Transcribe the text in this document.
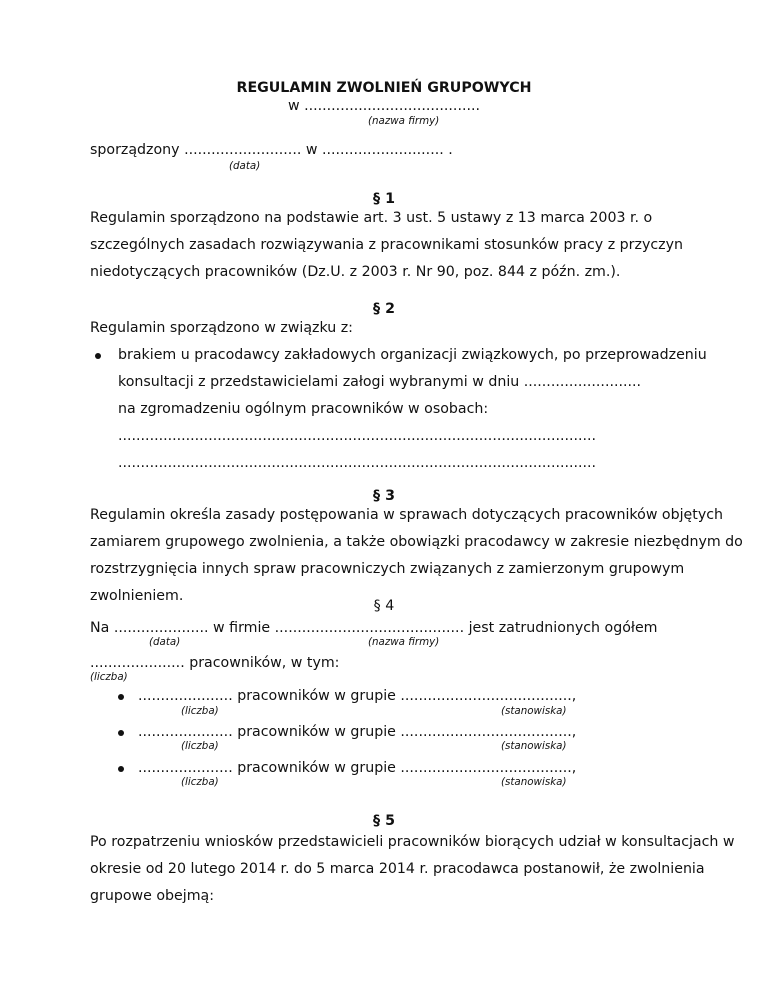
REGULAMIN ZWOLNIEŃ GRUPOWYCH
w .......................................
(nazwa firmy)
sporządzony .......................... w ........................... .
(data)
§ 1
Regulamin sporządzono na podstawie art. 3 ust. 5 ustawy z 13 marca 2003 r. o
szczególnych zasadach rozwiązywania z pracownikami stosunków pracy z przyczyn
niedotyczących pracowników (Dz.U. z 2003 r. Nr 90, poz. 844 z późn. zm.).
§ 2
Regulamin sporządzono w związku z:
brakiem u pracodawcy zakładowych organizacji związkowych, po przeprowadzeniu
konsultacji z przedstawicielami załogi wybranymi w dniu ..........................
na zgromadzeniu ogólnym pracowników w osobach:
..........................................................................................................
..........................................................................................................
§ 3
Regulamin określa zasady postępowania w sprawach dotyczących pracowników objętych
zamiarem grupowego zwolnienia, a także obowiązki pracodawcy w zakresie niezbędnym do
rozstrzygnięcia innych spraw pracowniczych związanych z zamierzonym grupowym
zwolnieniem.
§ 4
Na ..................... w firmie .......................................... jest zatrudnionych ogółem
(data)	(nazwa firmy)
..................... pracowników, w tym:
(liczba)
..................... pracowników w grupie ......................................,
(liczba)	(stanowiska)
..................... pracowników w grupie ......................................,
(liczba)	(stanowiska)
..................... pracowników w grupie ......................................,
(liczba)	(stanowiska)
§ 5
Po rozpatrzeniu wniosków przedstawicieli pracowników biorących udział w konsultacjach w
okresie od 20 lutego 2014 r. do 5 marca 2014 r. pracodawca postanowił, że zwolnienia
grupowe obejmą:
